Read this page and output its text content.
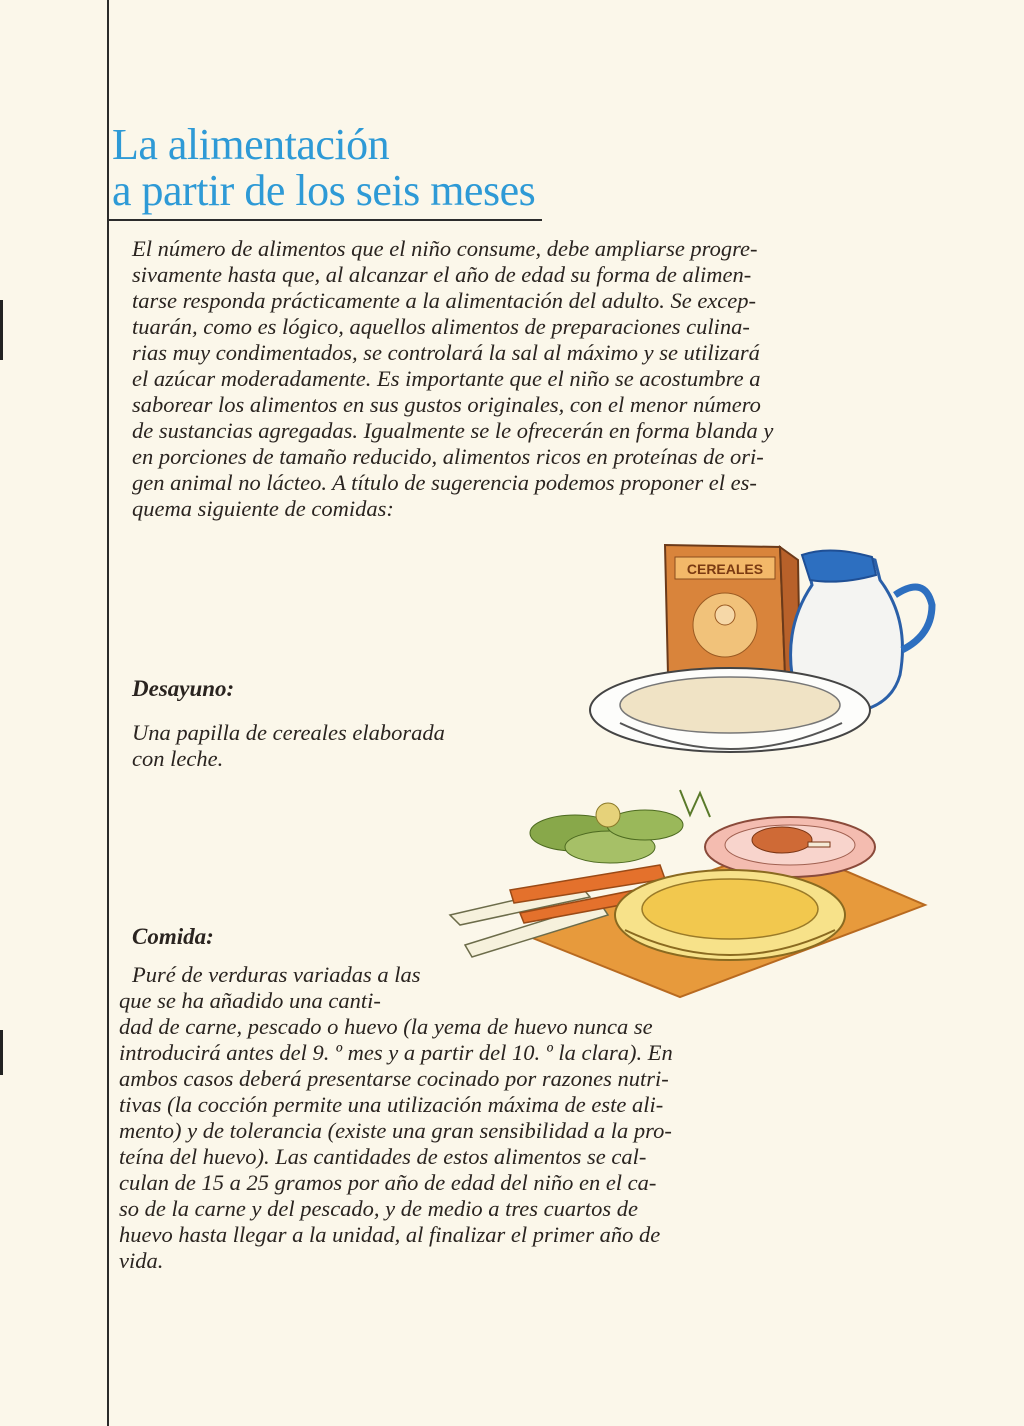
La alimentación
a partir de los seis meses

El número de alimentos que el niño consume, debe ampliarse progre-
sivamente hasta que, al alcanzar el año de edad su forma de alimen-
tarse responda prácticamente a la alimentación del adulto. Se excep-
tuarán, como es lógico, aquellos alimentos de preparaciones culina-
rias muy condimentados, se controlará la sal al máximo y se utilizará
el azúcar moderadamente. Es importante que el niño se acostumbre a
saborear los alimentos en sus gustos originales, con el menor número
de sustancias agregadas. Igualmente se le ofrecerán en forma blanda y
en porciones de tamaño reducido, alimentos ricos en proteínas de ori-
gen animal no lácteo. A título de sugerencia podemos proponer el es-
quema siguiente de comidas:

CEREALES
Desayuno:

Una papilla de cereales elaborada
con leche.

Comida:

Puré de verduras variadas a las
que se ha añadido una canti-
dad de carne, pescado o huevo (la yema de huevo nunca se
introducirá antes del 9. º mes y a partir del 10. º la clara). En
ambos casos deberá presentarse cocinado por razones nutri-
tivas (la cocción permite una utilización máxima de este ali-
mento) y de tolerancia (existe una gran sensibilidad a la pro-
teína del huevo). Las cantidades de estos alimentos se cal-
culan de 15 a 25 gramos por año de edad del niño en el ca-
so de la carne y del pescado, y de medio a tres cuartos de
huevo hasta llegar a la unidad, al finalizar el primer año de
vida.
